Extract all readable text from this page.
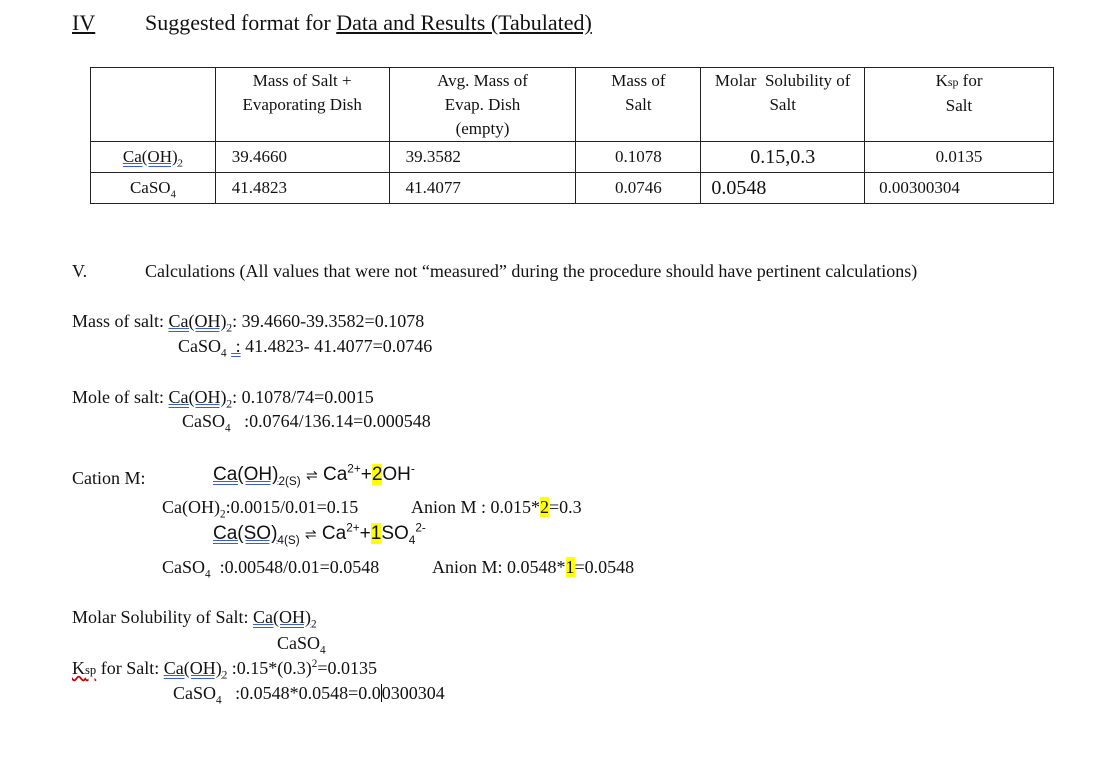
IV Suggested format for Data and Results (Tabulated)

	Mass of Salt + Evaporating Dish	Avg. Mass of Evap. Dish (empty)	Mass of Salt	Molar  Solubility of Salt	Ksp for Salt

$Ca(OH)_2$	39.4660	39.3582	0.1078	0.15,0.3	0.0135

CaSO$_4$	41.4823	41.4077	0.0746	0.0548	0.00300304
V.	Calculations (All values that were not “measured” during the procedure should have pertinent calculations)
Mass of salt: $Ca(OH)_2$: 39.4660-39.3582=0.1078
CaSO$_4$  : 41.4823- 41.4077=0.0746
Mole of salt: $Ca(OH)_2$: 0.1078/74=0.0015
CaSO$_4$ :0.0764/136.14=0.000548
Cation M:	$Ca(OH)_{2(S)}$ ⇌ $Ca^{2+}+2OH^-$
$Ca(OH)_2:0.0015/0.01=0.15$	Anion M : 0.015*2=0.3
$Ca(SO)_{4(S)}$ ⇌ $Ca^{2+}+1SO_4^{2-}$
CaSO$_4$ :0.00548/0.01=0.0548	Anion M: 0.0548*1=0.0548
Molar Solubility of Salt: $Ca(OH)_2$
CaSO$_4$
Ksp for Salt: $Ca(OH)_2$ $:0.15*(0.3)^2=0.0135$
CaSO$_4$ :0.0548*0.0548=0.00300304
